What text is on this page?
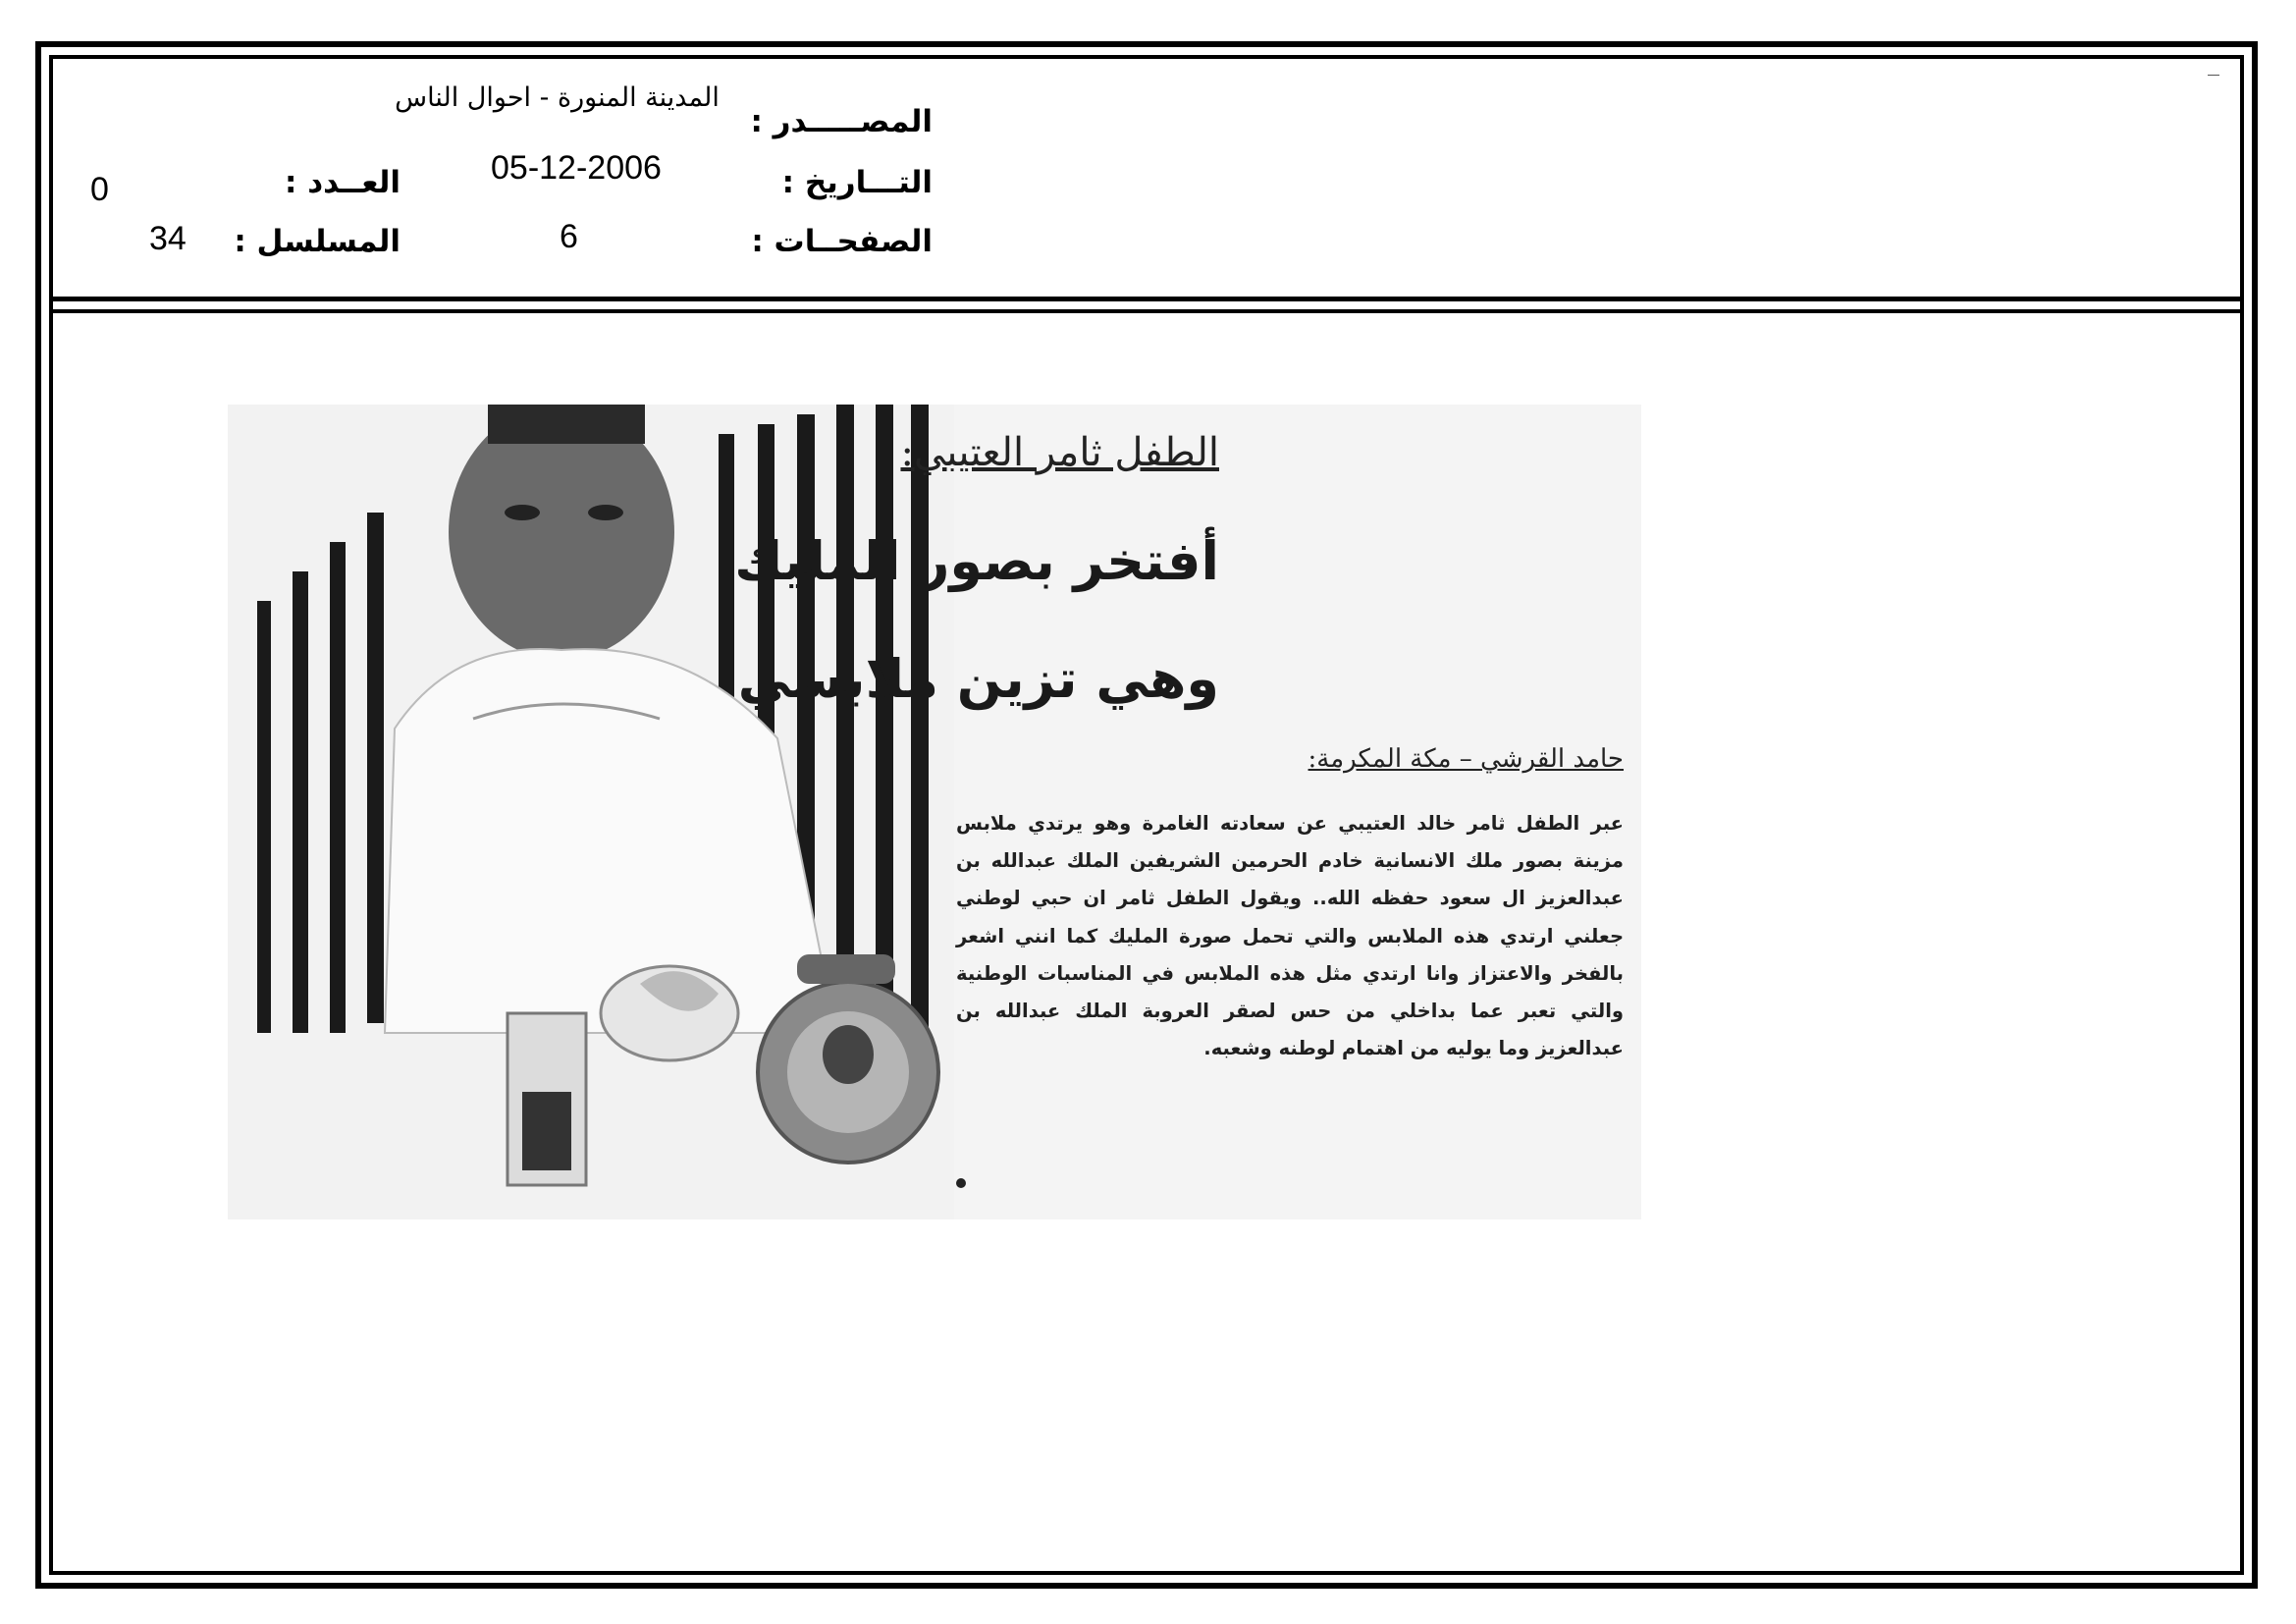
المصـــــدر :
التـــاريخ :
الصفحــات :
المدينة المنورة - احوال الناس
05-12-2006
6
العــدد :
المسلسل :
0
34
الطفل ثامر العتيبي:
أفتخر بصور المليك
وهي تزين ملابسي
حامد القرشي – مكة المكرمة:
عبر الطفل ثامر خالد العتيبي عن سعادته الغامرة وهو يرتدي ملابس مزينة بصور ملك الانسانية خادم الحرمين الشريفين الملك عبدالله بن عبدالعزيز ال سعود حفظه الله.. ويقول الطفل ثامر ان حبي لوطني جعلني ارتدي هذه الملابس والتي تحمل صورة المليك كما انني اشعر بالفخر والاعتزاز وانا ارتدي مثل هذه الملابس في المناسبات الوطنية والتي تعبر عما بداخلي من حس لصقر العروبة الملك عبدالله بن عبدالعزيز وما يوليه من اهتمام لوطنه وشعبه.
